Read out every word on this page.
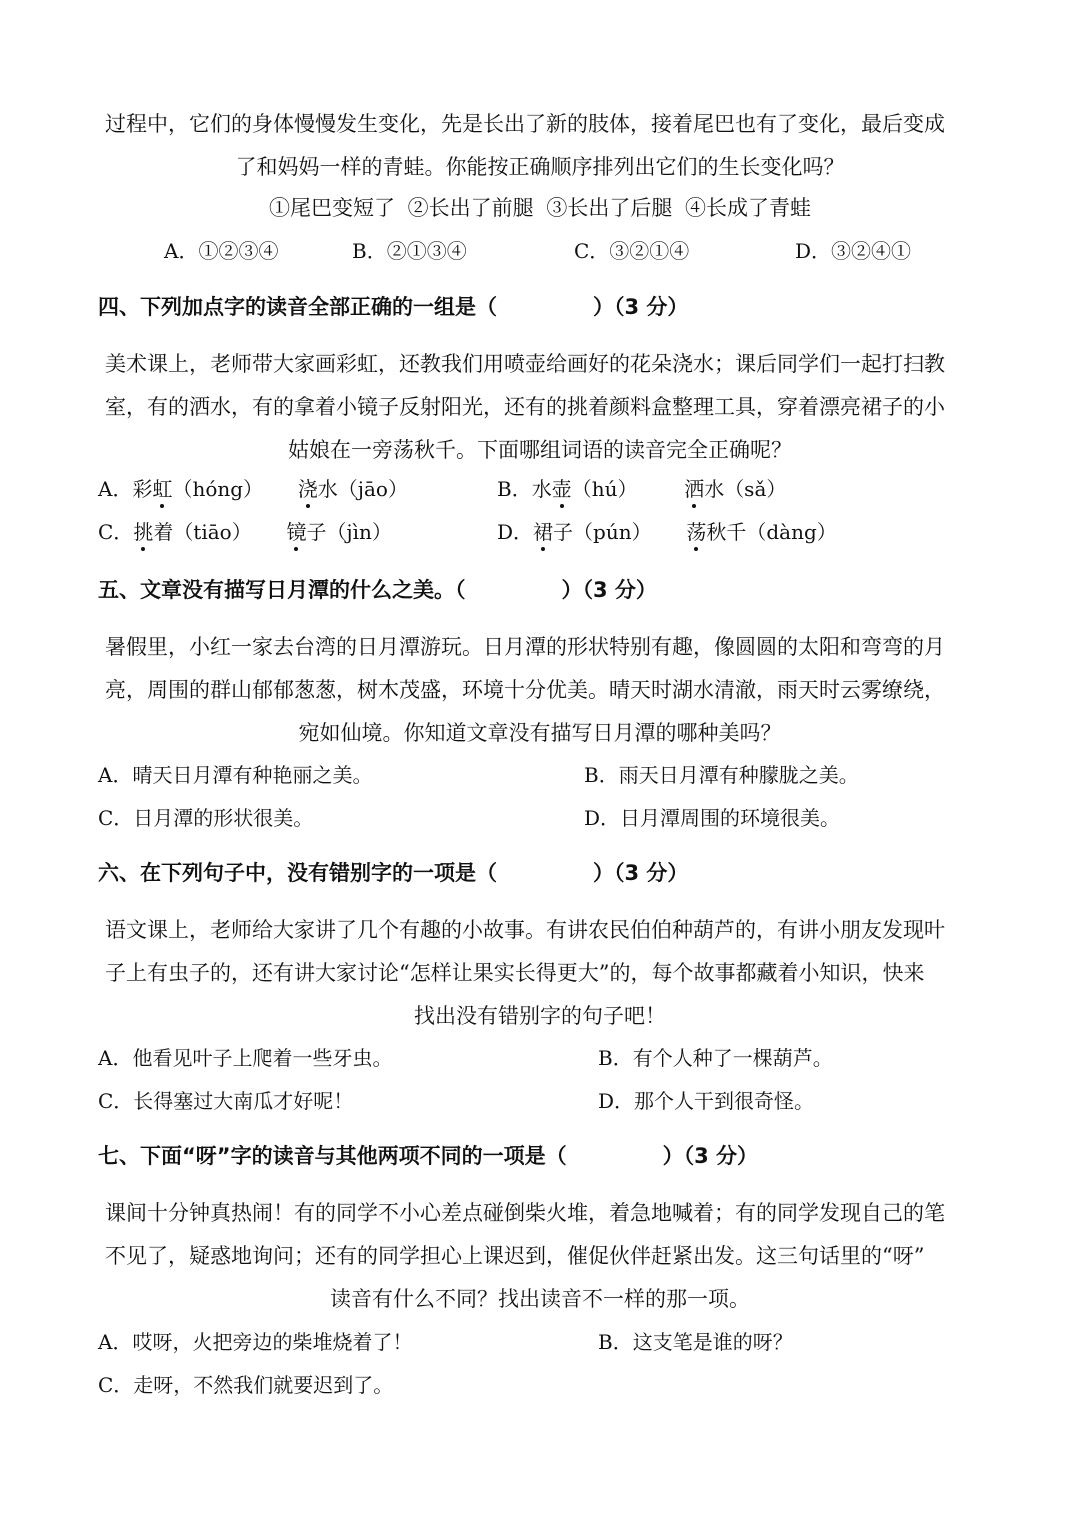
过程中，它们的身体慢慢发生变化，先是长出了新的肢体，接着尾巴也有了变化，最后变成
了和妈妈一样的青蛙。你能按正确顺序排列出它们的生长变化吗？
①尾巴变短了 ②长出了前腿 ③长出了后腿 ④长成了青蛙
A．①②③④	B．②①③④	C．③②①④	D．③②④①
四、下列加点字的读音全部正确的一组是（	）（3 分）
美术课上，老师带大家画彩虹，还教我们用喷壶给画好的花朵浇水；课后同学们一起打扫教
室，有的洒水，有的拿着小镜子反射阳光，还有的挑着颜料盒整理工具，穿着漂亮裙子的小
姑娘在一旁荡秋千。下面哪组词语的读音完全正确呢？
A．彩虹（hóng） 浇水（jāo）	B．水壶（hú） 洒水（sǎ）
C．挑着（tiāo） 镜子（jìn）	D．裙子（pún） 荡秋千（dàng）
五、文章没有描写日月潭的什么之美。（	）（3 分）
暑假里，小红一家去台湾的日月潭游玩。日月潭的形状特别有趣，像圆圆的太阳和弯弯的月
亮，周围的群山郁郁葱葱，树木茂盛，环境十分优美。晴天时湖水清澈，雨天时云雾缭绕，
宛如仙境。你知道文章没有描写日月潭的哪种美吗？
A．晴天日月潭有种艳丽之美。	B．雨天日月潭有种朦胧之美。
C．日月潭的形状很美。	D．日月潭周围的环境很美。
六、在下列句子中，没有错别字的一项是（	）（3 分）
语文课上，老师给大家讲了几个有趣的小故事。有讲农民伯伯种葫芦的，有讲小朋友发现叶
子上有虫子的，还有讲大家讨论“怎样让果实长得更大”的，每个故事都藏着小知识，快来
找出没有错别字的句子吧！
A．他看见叶子上爬着一些牙虫。	B．有个人种了一棵葫芦。
C．长得塞过大南瓜才好呢！	D．那个人干到很奇怪。
七、下面“呀”字的读音与其他两项不同的一项是（	）（3 分）
课间十分钟真热闹！有的同学不小心差点碰倒柴火堆，着急地喊着；有的同学发现自己的笔
不见了，疑惑地询问；还有的同学担心上课迟到，催促伙伴赶紧出发。这三句话里的“呀”
读音有什么不同？找出读音不一样的那一项。
A．哎呀，火把旁边的柴堆烧着了！	B．这支笔是谁的呀？
C．走呀，不然我们就要迟到了。
